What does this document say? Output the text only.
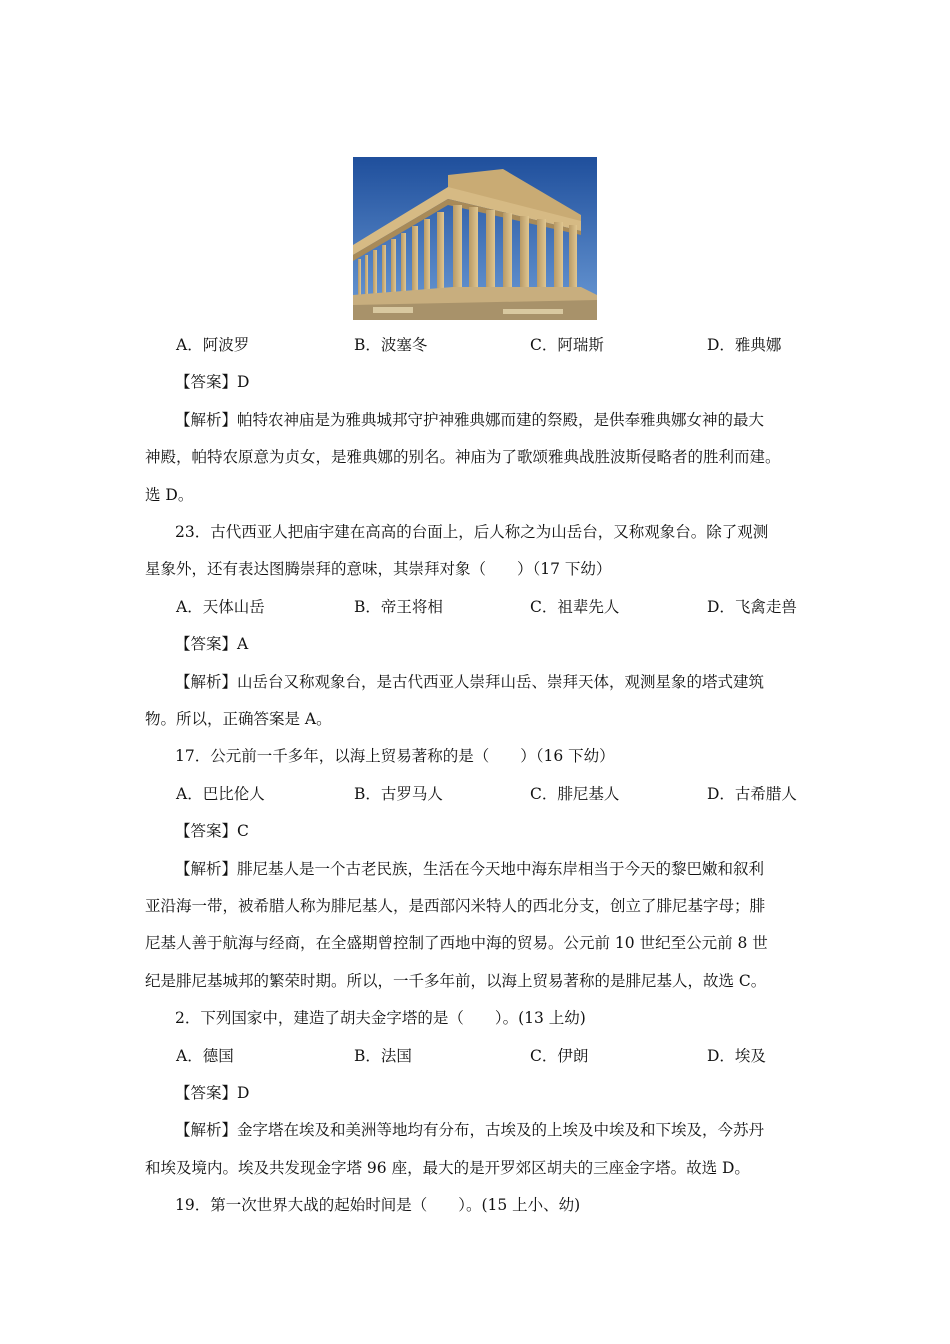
A．阿波罗	B．波塞冬	C．阿瑞斯	D．雅典娜
【答案】D
【解析】帕特农神庙是为雅典城邦守护神雅典娜而建的祭殿，是供奉雅典娜女神的最大
神殿，帕特农原意为贞女，是雅典娜的别名。神庙为了歌颂雅典战胜波斯侵略者的胜利而建。
选 D。
23．古代西亚人把庙宇建在高高的台面上，后人称之为山岳台，又称观象台。除了观测
星象外，还有表达图腾崇拜的意味，其崇拜对象（　　）（17 下幼）
A．天体山岳	B．帝王将相	C．祖辈先人	D．飞禽走兽
【答案】A
【解析】山岳台又称观象台，是古代西亚人崇拜山岳、崇拜天体，观测星象的塔式建筑
物。所以，正确答案是 A。
17．公元前一千多年，以海上贸易著称的是（　　）（16 下幼）
A．巴比伦人	B．古罗马人	C．腓尼基人	D．古希腊人
【答案】C
【解析】腓尼基人是一个古老民族，生活在今天地中海东岸相当于今天的黎巴嫩和叙利
亚沿海一带，被希腊人称为腓尼基人，是西部闪米特人的西北分支，创立了腓尼基字母；腓
尼基人善于航海与经商，在全盛期曾控制了西地中海的贸易。公元前 10 世纪至公元前 8 世
纪是腓尼基城邦的繁荣时期。所以，一千多年前，以海上贸易著称的是腓尼基人，故选 C。
2．下列国家中，建造了胡夫金字塔的是（　　）。(13 上幼)
A．德国	B．法国	C．伊朗	D．埃及
【答案】D
【解析】金字塔在埃及和美洲等地均有分布，古埃及的上埃及中埃及和下埃及，今苏丹
和埃及境内。埃及共发现金字塔 96 座，最大的是开罗郊区胡夫的三座金字塔。故选 D。
19．第一次世界大战的起始时间是（　　）。(15 上小、幼)
